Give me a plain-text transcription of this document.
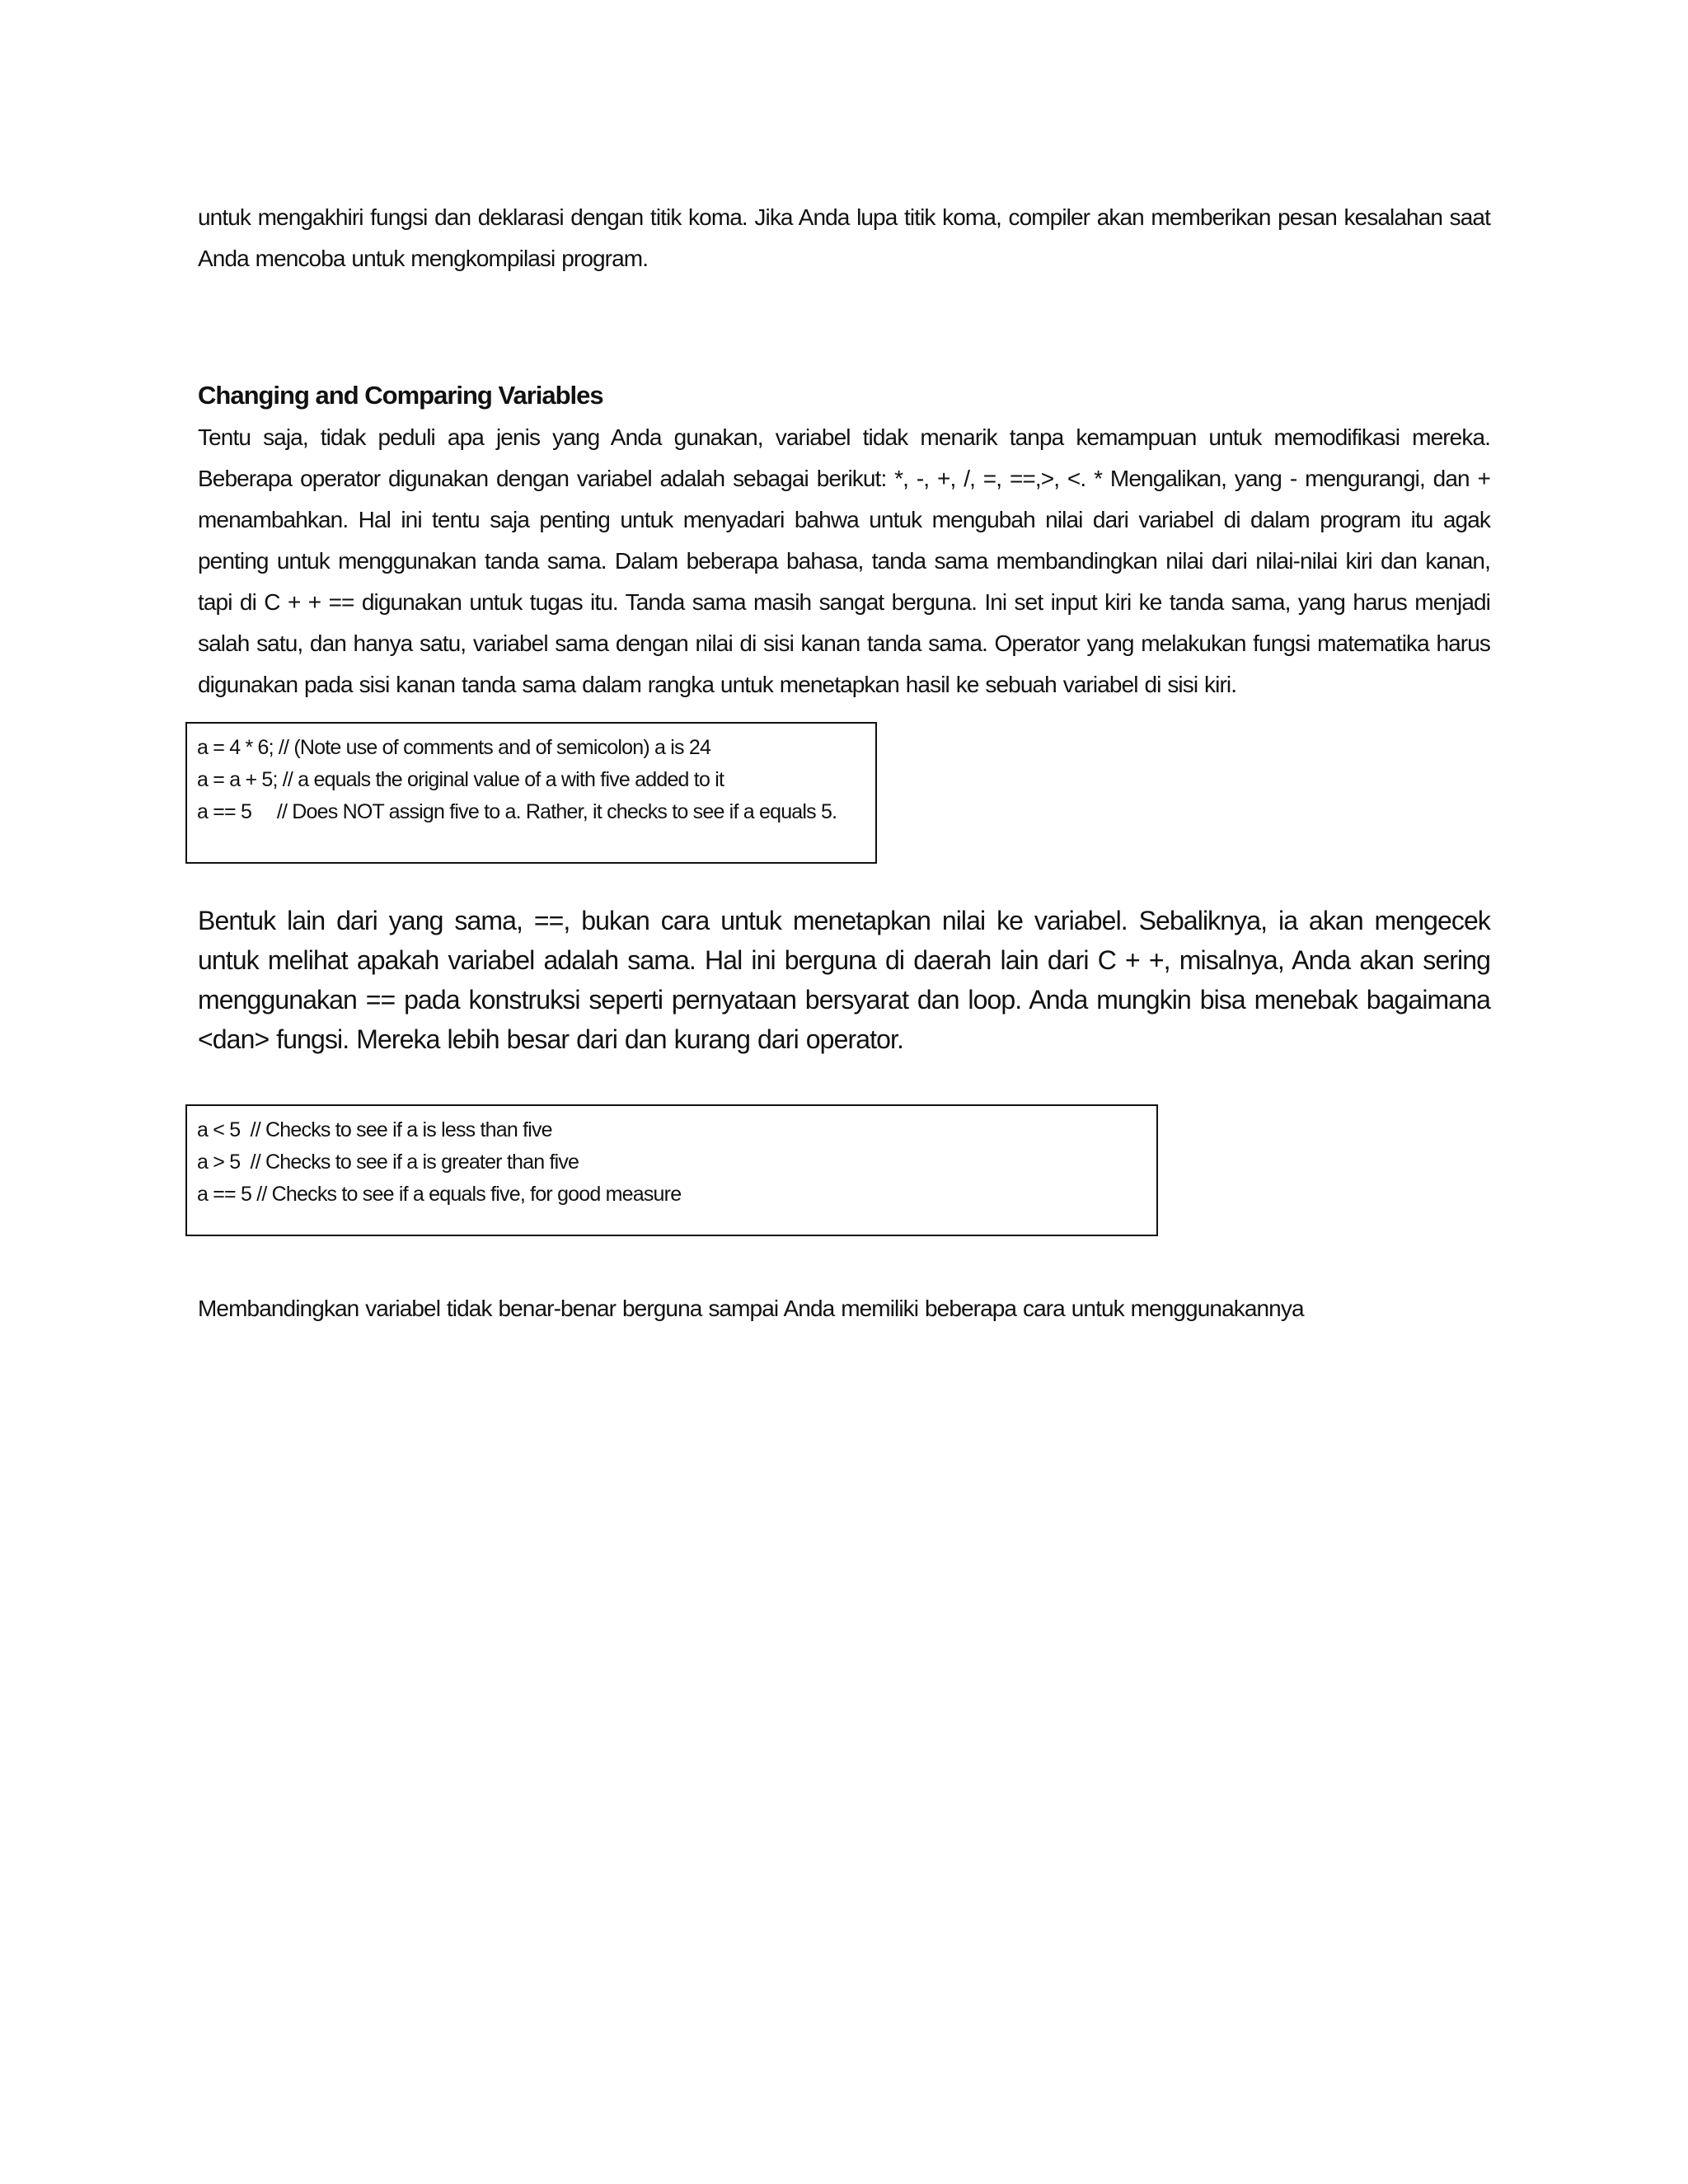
untuk mengakhiri fungsi dan deklarasi dengan titik koma. Jika Anda lupa titik koma, compiler akan memberikan pesan kesalahan saat Anda mencoba untuk mengkompilasi program.

Changing and Comparing Variables

Tentu saja, tidak peduli apa jenis yang Anda gunakan, variabel tidak menarik tanpa kemampuan untuk memodifikasi mereka. Beberapa operator digunakan dengan variabel adalah sebagai berikut: *, -, +, /, =, ==,>, <. * Mengalikan, yang - mengurangi, dan + menambahkan. Hal ini tentu saja penting untuk menyadari bahwa untuk mengubah nilai dari variabel di dalam program itu agak penting untuk menggunakan tanda sama. Dalam beberapa bahasa, tanda sama membandingkan nilai dari nilai-nilai kiri dan kanan, tapi di C + + == digunakan untuk tugas itu. Tanda sama masih sangat berguna. Ini set input kiri ke tanda sama, yang harus menjadi salah satu, dan hanya satu, variabel sama dengan nilai di sisi kanan tanda sama. Operator yang melakukan fungsi matematika harus digunakan pada sisi kanan tanda sama dalam rangka untuk menetapkan hasil ke sebuah variabel di sisi kiri.

a = 4 * 6; // (Note use of comments and of semicolon) a is 24
a = a + 5; // a equals the original value of a with five added to it
a == 5     // Does NOT assign five to a. Rather, it checks to see if a equals 5.

Bentuk lain dari yang sama, ==, bukan cara untuk menetapkan nilai ke variabel. Sebaliknya, ia akan mengecek untuk melihat apakah variabel adalah sama. Hal ini berguna di daerah lain dari C + +, misalnya, Anda akan sering menggunakan == pada konstruksi seperti pernyataan bersyarat dan loop. Anda mungkin bisa menebak bagaimana <dan> fungsi. Mereka lebih besar dari dan kurang dari operator.

a < 5  // Checks to see if a is less than five
a > 5  // Checks to see if a is greater than five
a == 5 // Checks to see if a equals five, for good measure

Membandingkan variabel tidak benar-benar berguna sampai Anda memiliki beberapa cara untuk menggunakannya
